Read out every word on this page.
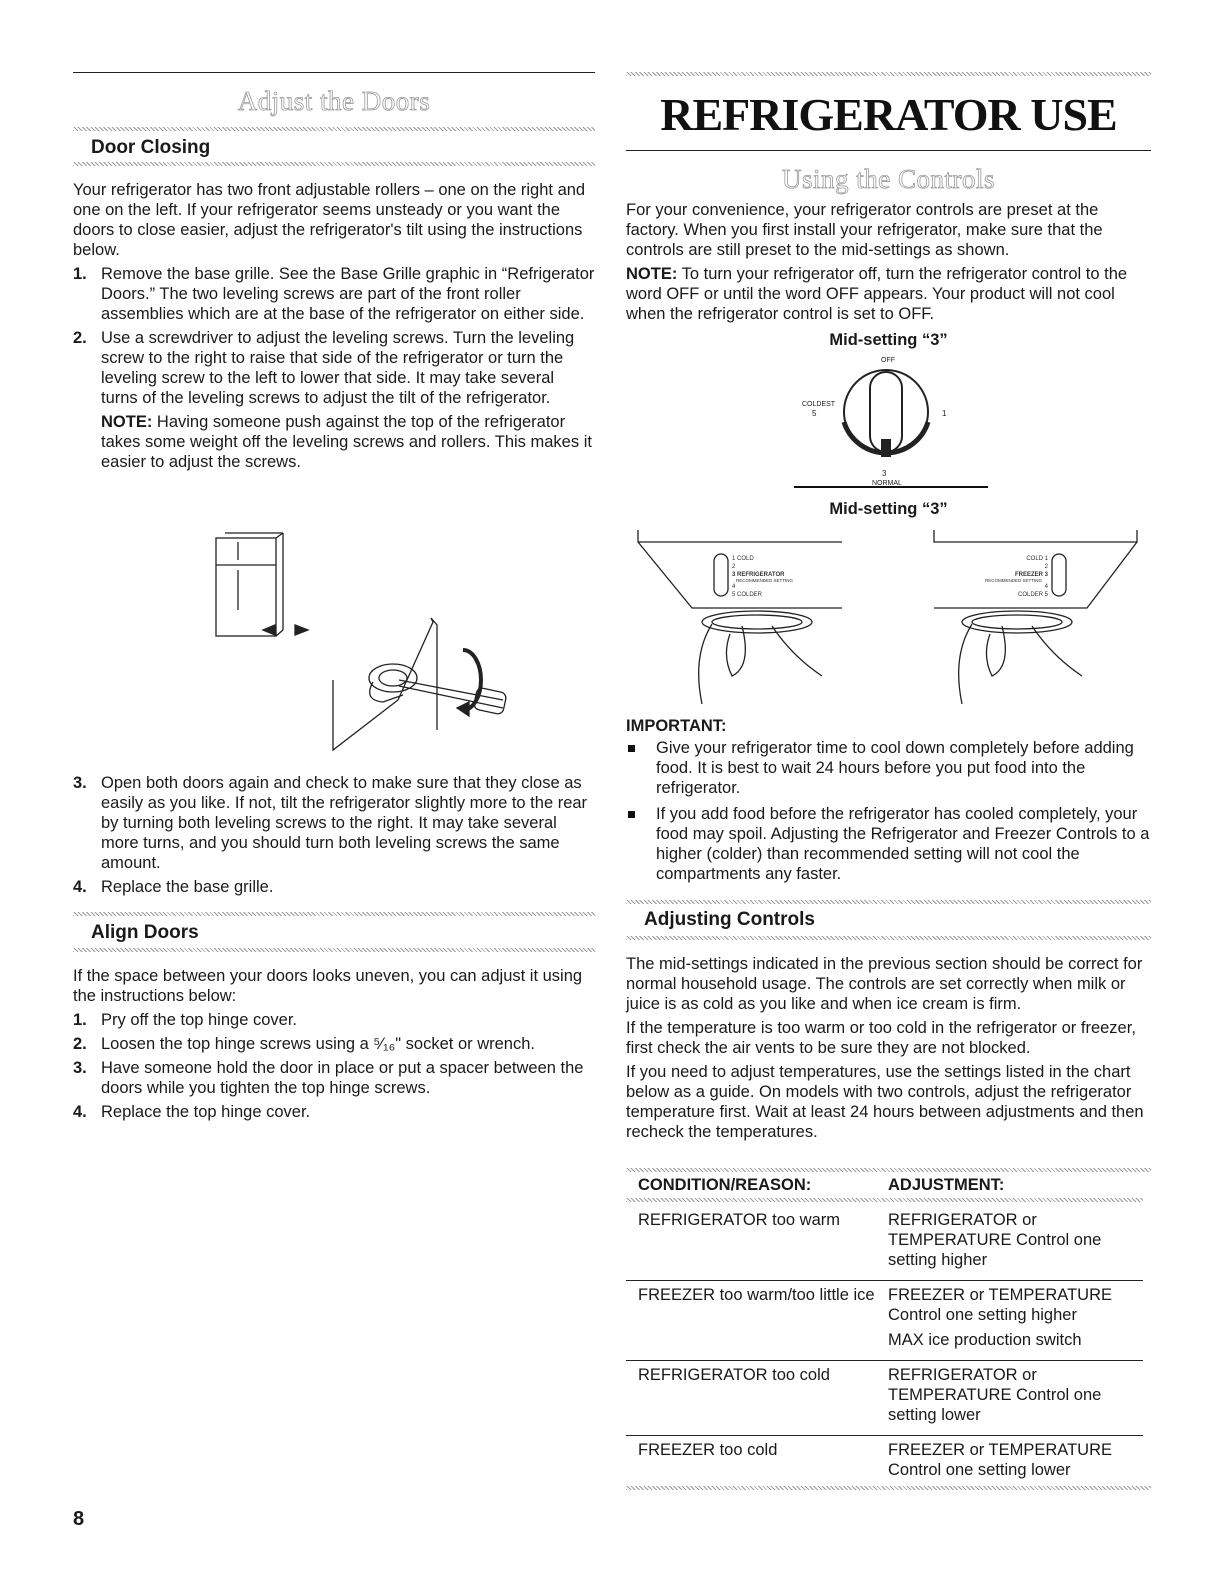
Adjust the Doors
Door Closing

Your refrigerator has two front adjustable rollers – one on the right and one on the left. If your refrigerator seems unsteady or you want the doors to close easier, adjust the refrigerator's tilt using the instructions below.

1. Remove the base grille. See the Base Grille graphic in “Refrigerator Doors.” The two leveling screws are part of the front roller assemblies which are at the base of the refrigerator on either side.
2. Use a screwdriver to adjust the leveling screws. Turn the leveling screw to the right to raise that side of the refrigerator or turn the leveling screw to the left to lower that side. It may take several turns of the leveling screws to adjust the tilt of the refrigerator.
NOTE: Having someone push against the top of the refrigerator takes some weight off the leveling screws and rollers. This makes it easier to adjust the screws.
3. Open both doors again and check to make sure that they close as easily as you like. If not, tilt the refrigerator slightly more to the rear by turning both leveling screws to the right. It may take several more turns, and you should turn both leveling screws the same amount.
4. Replace the base grille.
Align Doors

If the space between your doors looks uneven, you can adjust it using the instructions below:

1. Pry off the top hinge cover.
2. Loosen the top hinge screws using a ⁵⁄₁₆" socket or wrench.
3. Have someone hold the door in place or put a spacer between the doors while you tighten the top hinge screws.
4. Replace the top hinge cover.
REFRIGERATOR USE
Using the Controls

For your convenience, your refrigerator controls are preset at the factory. When you first install your refrigerator, make sure that the controls are still preset to the mid-settings as shown.

NOTE: To turn your refrigerator off, turn the refrigerator control to the word OFF or until the word OFF appears. Your product will not cool when the refrigerator control is set to OFF.

Mid-setting “3”
OFF
COLDEST
5	1
3
NORMAL
Mid-setting “3”
1 COLD
2
3 REFRIGERATOR
RECOMMENDED SETTING
4
5 COLDER
COLD 1
2
FREEZER 3
RECOMMENDED SETTING
4
COLDER 5

IMPORTANT:

Give your refrigerator time to cool down completely before adding food. It is best to wait 24 hours before you put food into the refrigerator.
If you add food before the refrigerator has cooled completely, your food may spoil. Adjusting the Refrigerator and Freezer Controls to a higher (colder) than recommended setting will not cool the compartments any faster.
Adjusting Controls

The mid-settings indicated in the previous section should be correct for normal household usage. The controls are set correctly when milk or juice is as cold as you like and when ice cream is firm.

If the temperature is too warm or too cold in the refrigerator or freezer, first check the air vents to be sure they are not blocked.

If you need to adjust temperatures, use the settings listed in the chart below as a guide. On models with two controls, adjust the refrigerator temperature first. Wait at least 24 hours between adjustments and then recheck the temperatures.

CONDITION/REASON:	ADJUSTMENT:

REFRIGERATOR too warm	REFRIGERATOR or TEMPERATURE Control one setting higher
FREEZER too warm/too little ice	FREEZER or TEMPERATURE Control one setting higher
MAX ice production switch

REFRIGERATOR too cold	REFRIGERATOR or TEMPERATURE Control one setting lower
FREEZER too cold	FREEZER or TEMPERATURE Control one setting lower
8
